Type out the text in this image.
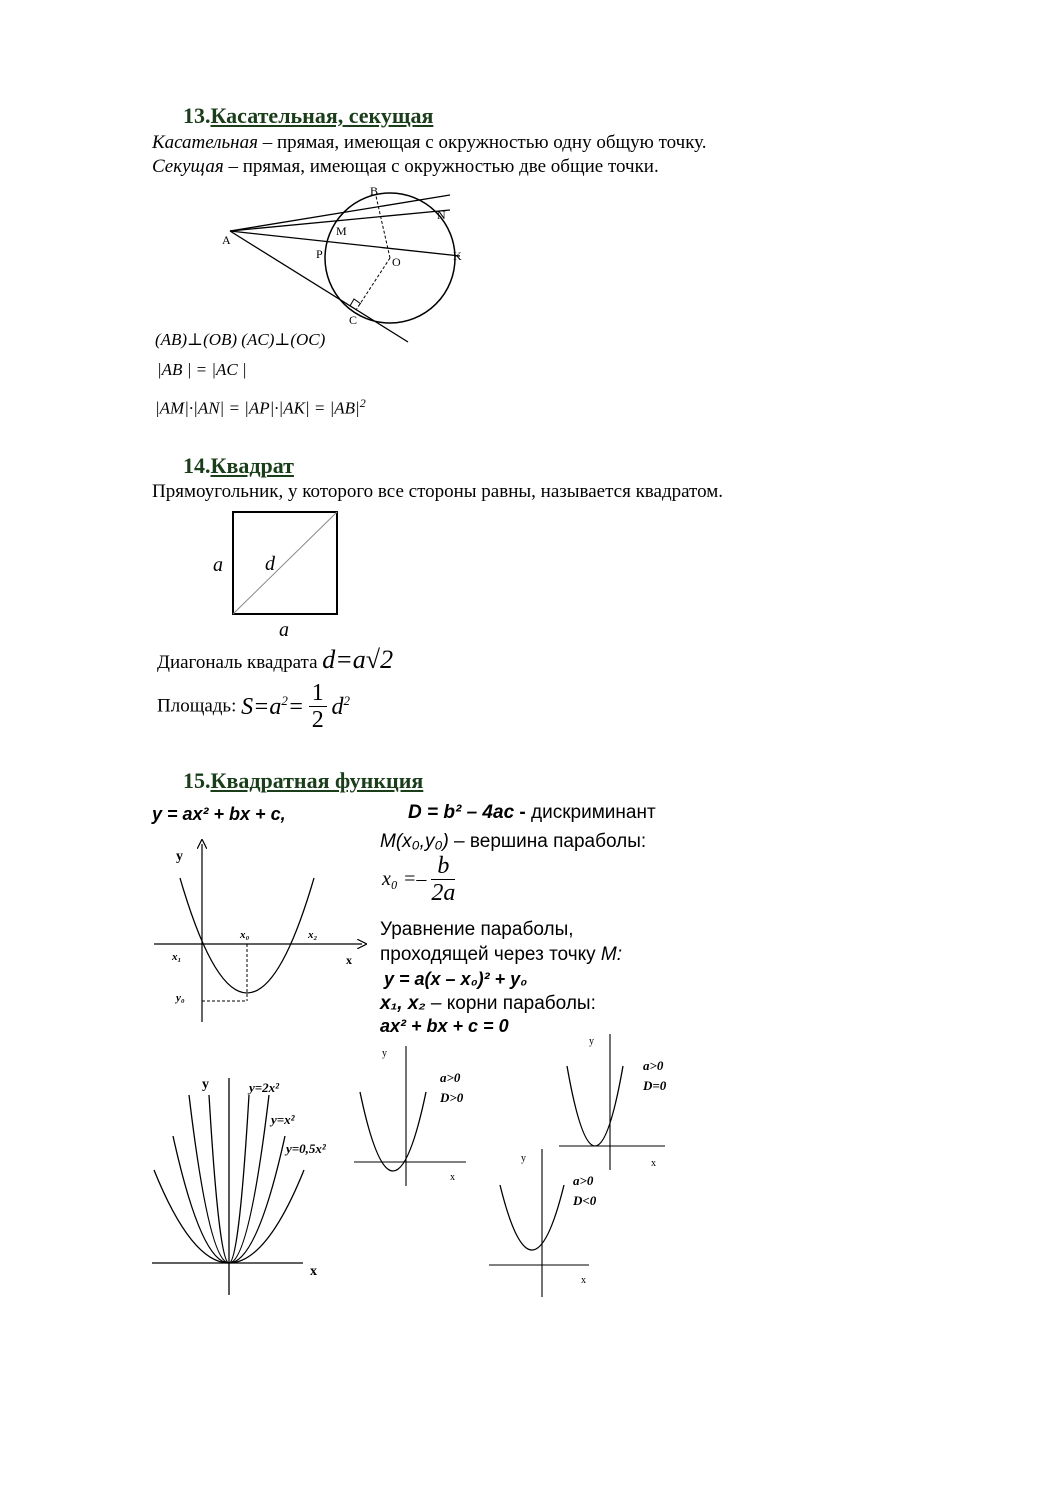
13.Касательная, секущая
Касательная – прямая, имеющая с окружностью одну общую точку.
Секущая – прямая, имеющая с окружностью две общие точки.
A
B
M
N
P
O	K
C
(AB)⊥(OB) (AC)⊥(OC)
|AB | = |AC |
$|AM|\cdot|AN| = |AP|\cdot|AK| = |AB|^2$
14.Квадрат
Прямоугольник, у которого все стороны равны, называется квадратом.
a d
a
Диагональ квадрата d=a√2
Площадь: $S=a^2= \frac{1}{2} d^2$
15.Квадратная функция
y = ax² + bx + c,	D = b² – 4ac - дискриминант
M(x₀,y₀) – вершина параболы:
$x_0 =- \frac{b}{2a}$
Уравнение параболы,
проходящей через точку M:
y = a(x – x₀)² + y₀
x₁, x₂ – корни параболы:
ax² + bx + c = 0
y
x
x₁
x₂
x₀
y₀
y
x
y=2x²
y=x²
y=0,5x²
y
x
a>0
D>0
y
x
a>0
D=0
y
x
a>0
D<0
